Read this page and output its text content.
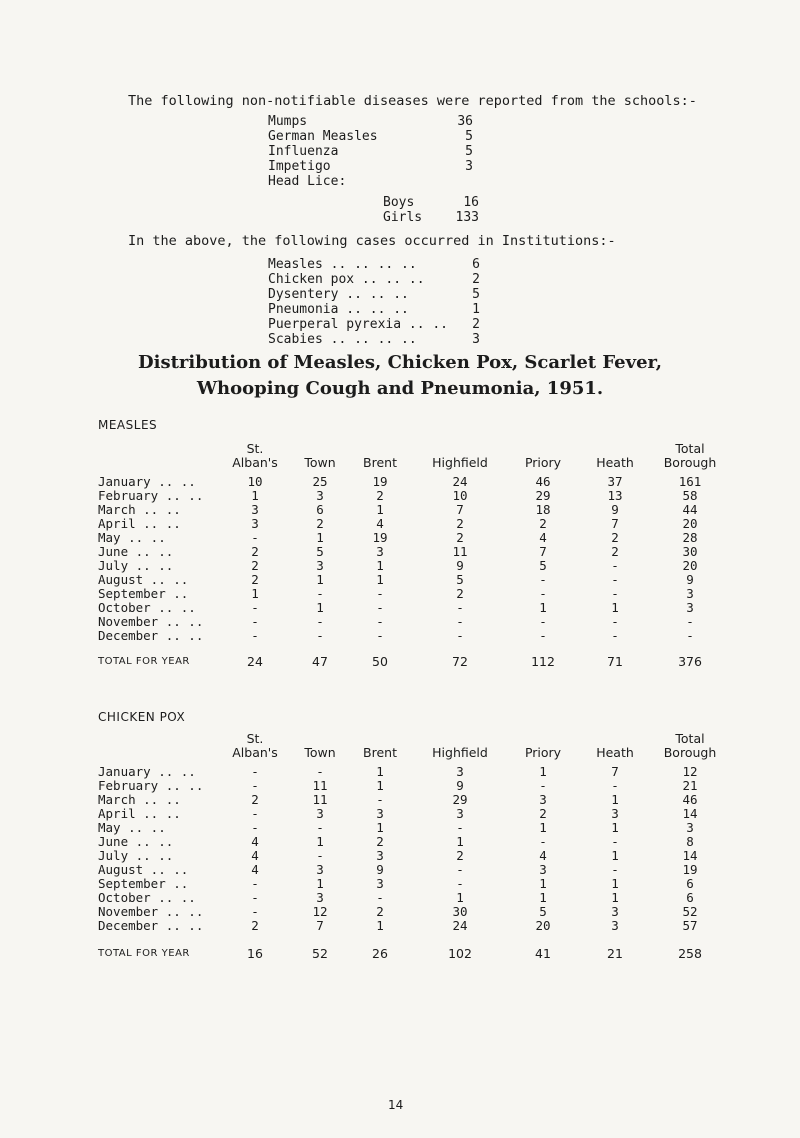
The following non-notifiable diseases were reported from the schools:-
Mumps	36
German Measles	5
Influenza	5
Impetigo	3
Head Lice:
Boys	16
Girls	133
In the above, the following cases occurred in Institutions:-
Measles .. .. .. ..	6
Chicken pox .. .. ..	2
Dysentery .. .. ..	5
Pneumonia .. .. ..	1
Puerperal pyrexia .. .. 2
Scabies .. .. .. ..	3
Distribution of Measles, Chicken Pox, Scarlet Fever,
Whooping Cough and Pneumonia, 1951.
MEASLES
St.
Alban's	Town	Brent	Highfield	Priory	Heath
Total
Borough
January .. ..	10	25	19	24	46	37	161
February .. ..	1	3	2	10	29	13	58
March .. ..	3	6	1	7	18	9	44
April .. ..	3	2	4	2	2	7	20
May .. ..	-	1	19	2	4	2	28
June .. ..	2	5	3	11	7	2	30
July .. ..	2	3	1	9	5	-	20
August .. ..	2	1	1	5	-	-	9
September ..	1	-	-	2	-	-	3
October .. ..	-	1	-	-	1	1	3
November .. ..	-	-	-	-	-	-	-
December .. ..	-	-	-	-	-	-	-
TOTAL FOR YEAR	24	47	50	72	112	71	376
CHICKEN POX
St.
Alban's	Town	Brent	Highfield	Priory	Heath
Total
Borough
January .. ..	-	-	1	3	1	7	12
February .. ..	-	11	1	9	-	-	21
March .. ..	2	11	-	29	3	1	46
April .. ..	-	3	3	3	2	3	14
May .. ..	-	-	1	-	1	1	3
June .. ..	4	1	2	1	-	-	8
July .. ..	4	-	3	2	4	1	14
August .. ..	4	3	9	-	3	-	19
September ..	-	1	3	-	1	1	6
October .. ..	-	3	-	1	1	1	6
November .. ..	-	12	2	30	5	3	52
December .. ..	2	7	1	24	20	3	57
TOTAL FOR YEAR	16	52	26	102	41	21	258
14
